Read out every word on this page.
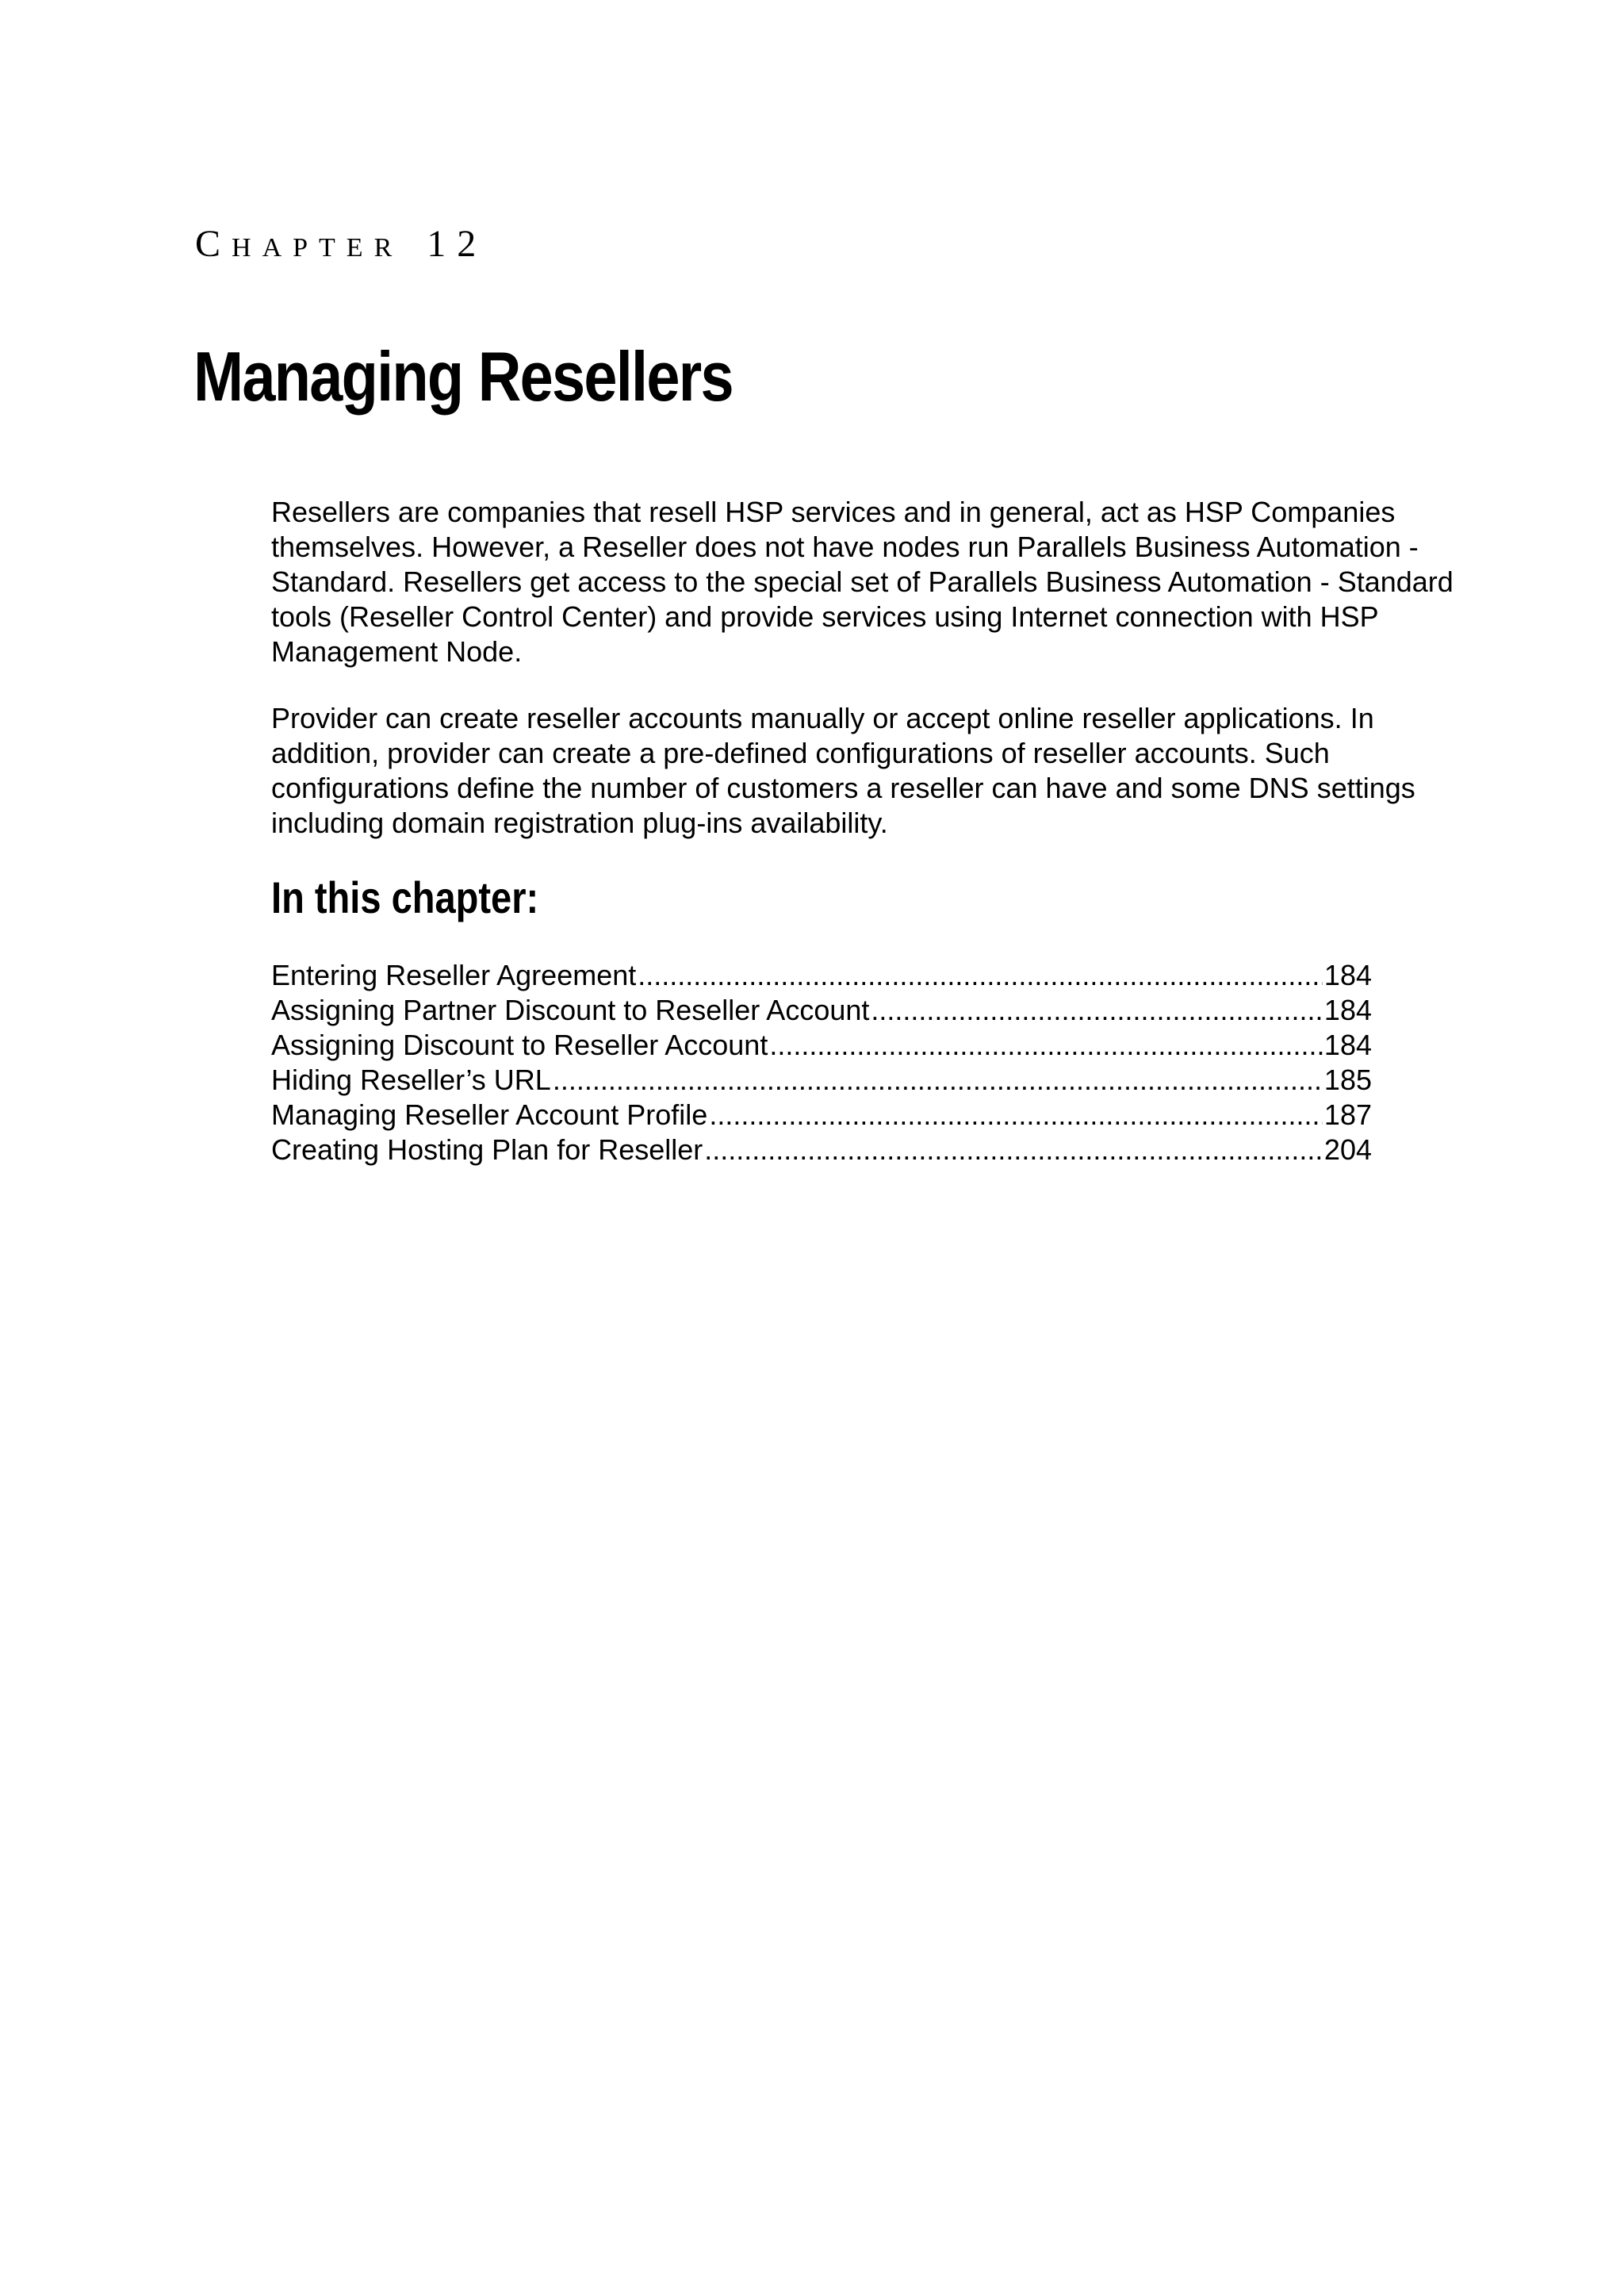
CHAPTER 12
Managing Resellers

Resellers are companies that resell HSP services and in general, act as HSP Companies themselves. However, a Reseller does not have nodes run Parallels Business Automation - Standard. Resellers get access to the special set of Parallels Business Automation - Standard tools (Reseller Control Center) and provide services using Internet connection with HSP Management Node.

Provider can create reseller accounts manually or accept online reseller applications. In addition, provider can create a pre-defined configurations of reseller accounts. Such configurations define the number of customers a reseller can have and some DNS settings including domain registration plug-ins availability.

In this chapter:
Entering Reseller Agreement .....	184
Assigning Partner Discount to Reseller Account .....	184
Assigning Discount to Reseller Account .....	184
Hiding Reseller’s URL .....	185
Managing Reseller Account Profile .....	187
Creating Hosting Plan for Reseller .....	204
